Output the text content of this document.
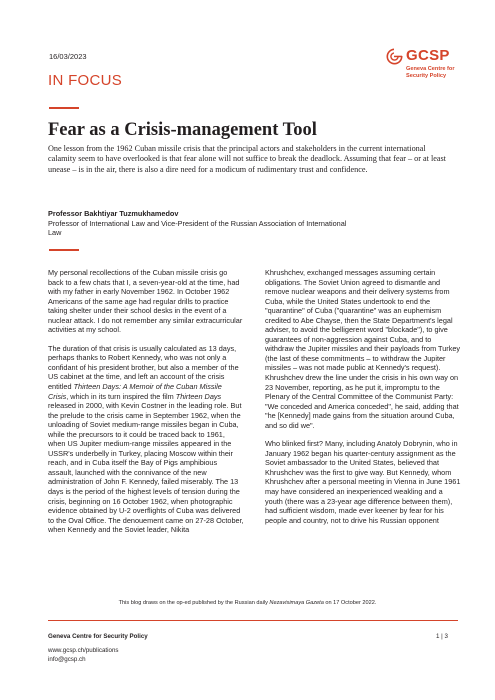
16/03/2023
IN FOCUS
GCSP
Geneva Centre for
Security Policy
Fear as a Crisis-management Tool
One lesson from the 1962 Cuban missile crisis that the principal actors and stakeholders in the current international calamity seem to have overlooked is that fear alone will not suffice to break the deadlock. Assuming that fear – or at least unease – is in the air, there is also a dire need for a modicum of rudimentary trust and confidence.
Professor Bakhtiyar Tuzmukhamedov
Professor of International Law and Vice-President of the Russian Association of International Law

My personal recollections of the Cuban missile crisis go back to a few chats that I, a seven-year-old at the time, had with my father in early November 1962. In October 1962 Americans of the same age had regular drills to practice taking shelter under their school desks in the event of a nuclear attack. I do not remember any similar extracurricular activities at my school.

The duration of that crisis is usually calculated as 13 days, perhaps thanks to Robert Kennedy, who was not only a confidant of his president brother, but also a member of the US cabinet at the time, and left an account of the crisis entitled Thirteen Days: A Memoir of the Cuban Missile Crisis, which in its turn inspired the film Thirteen Days released in 2000, with Kevin Costner in the leading role. But the prelude to the crisis came in September 1962, when the unloading of Soviet medium-range missiles began in Cuba, while the precursors to it could be traced back to 1961, when US Jupiter medium-range missiles appeared in the USSR's underbelly in Turkey, placing Moscow within their reach, and in Cuba itself the Bay of Pigs amphibious assault, launched with the connivance of the new administration of John F. Kennedy, failed miserably. The 13 days is the period of the highest levels of tension during the crisis, beginning on 16 October 1962, when photographic evidence obtained by U-2 overflights of Cuba was delivered to the Oval Office. The denouement came on 27-28 October, when Kennedy and the Soviet leader, Nikita

Khrushchev, exchanged messages assuming certain obligations. The Soviet Union agreed to dismantle and remove nuclear weapons and their delivery systems from Cuba, while the United States undertook to end the "quarantine" of Cuba ("quarantine" was an euphemism credited to Abe Chayse, then the State Department's legal adviser, to avoid the belligerent word "blockade"), to give guarantees of non-aggression against Cuba, and to withdraw the Jupiter missiles and their payloads from Turkey (the last of these commitments – to withdraw the Jupiter missiles – was not made public at Kennedy's request). Khrushchev drew the line under the crisis in his own way on 23 November, reporting, as he put it, impromptu to the Plenary of the Central Committee of the Communist Party: "We conceded and America conceded", he said, adding that "he [Kennedy] made gains from the situation around Cuba, and so did we".

Who blinked first? Many, including Anatoly Dobrynin, who in January 1962 began his quarter-century assignment as the Soviet ambassador to the United States, believed that Khrushchev was the first to give way. But Kennedy, whom Khrushchev after a personal meeting in Vienna in June 1961 may have considered an inexperienced weakling and a youth (there was a 23-year age difference between them), had sufficient wisdom, made ever keener by fear for his people and country, not to drive his Russian opponent

This blog draws on the op-ed published by the Russian daily Nezavisimaya Gazeta on 17 October 2022.
Geneva Centre for Security Policy
www.gcsp.ch/publications
info@gcsp.ch
1 | 3
